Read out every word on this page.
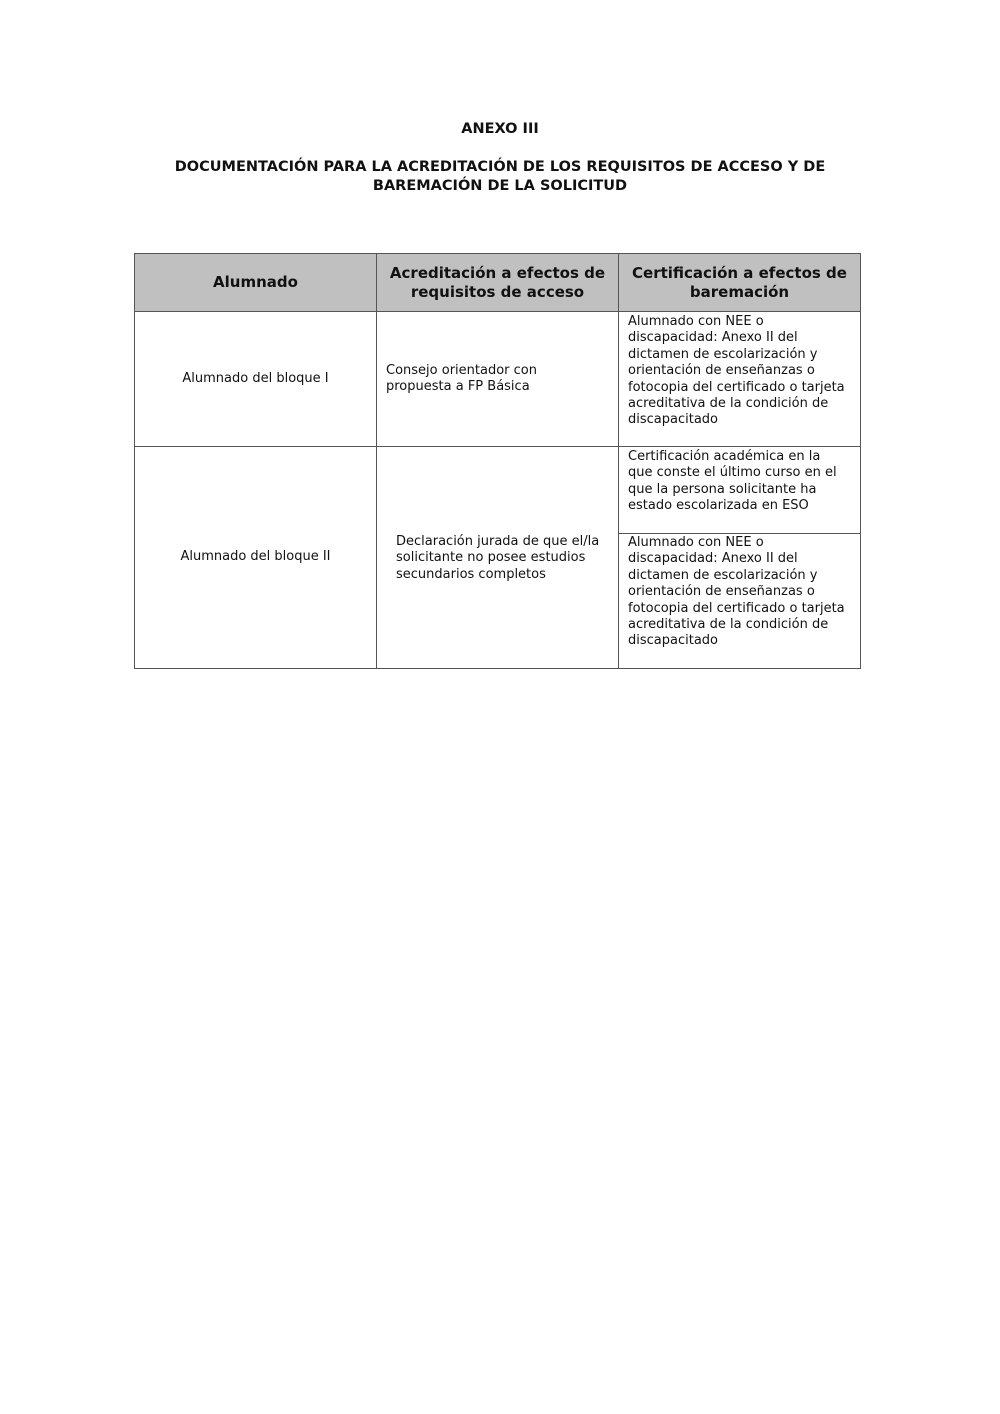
ANEXO III
DOCUMENTACIÓN PARA LA ACREDITACIÓN DE LOS REQUISITOS DE ACCESO Y DE
BAREMACIÓN DE LA SOLICITUD
Alumnado
Acreditación a efectos de
requisitos de acceso
Certificación a efectos de
baremación
Alumnado del bloque I
Consejo orientador con
propuesta a FP Básica
Alumnado con NEE o
discapacidad: Anexo II del
dictamen de escolarización y
orientación de enseñanzas o
fotocopia del certificado o tarjeta
acreditativa de la condición de
discapacitado
Alumnado del bloque II
Declaración jurada de que el/la
solicitante no posee estudios
secundarios completos
Certificación académica en la
que conste el último curso en el
que la persona solicitante ha
estado escolarizada en ESO
Alumnado con NEE o
discapacidad: Anexo II del
dictamen de escolarización y
orientación de enseñanzas o
fotocopia del certificado o tarjeta
acreditativa de la condición de
discapacitado
